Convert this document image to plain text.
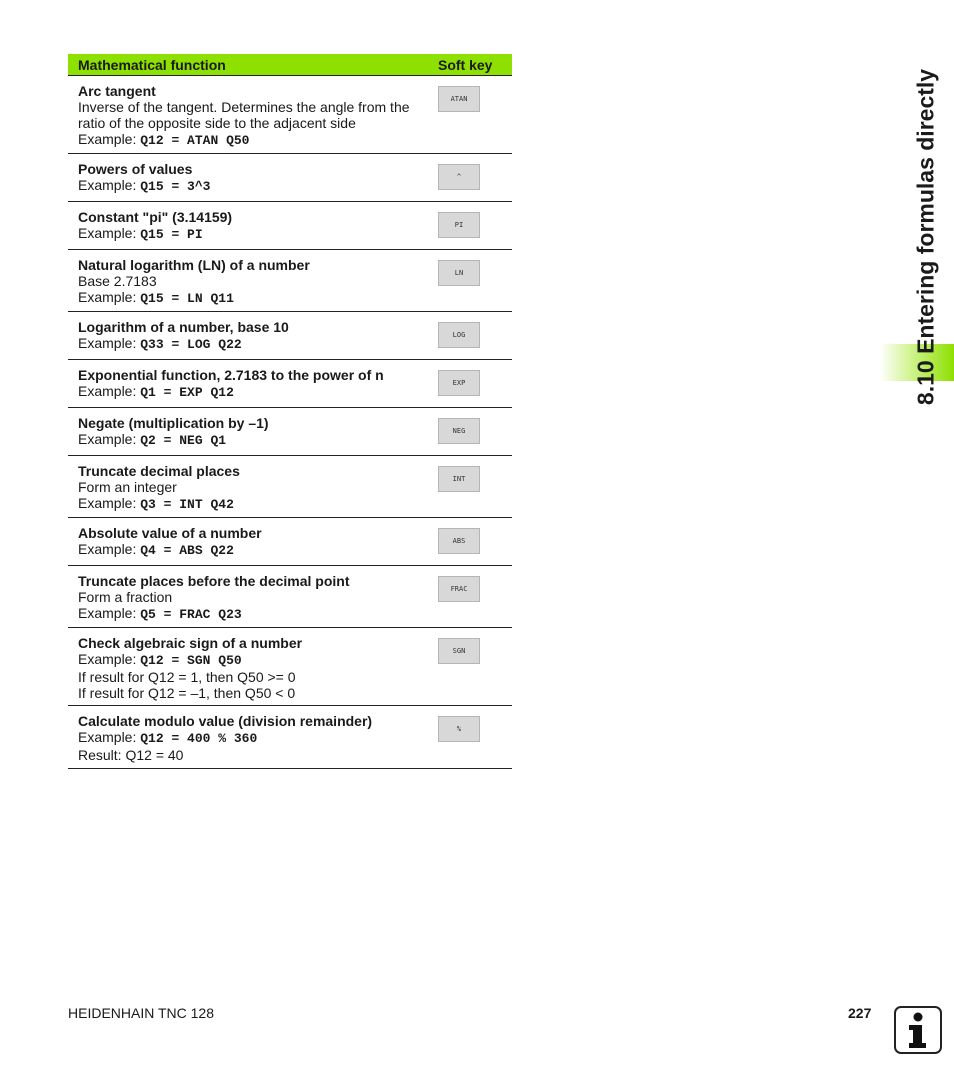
Mathematical function	Soft key
Arc tangent
Inverse of the tangent. Determines the angle from the
ratio of the opposite side to the adjacent side
Example: Q12 = ATAN Q50
ATAN
Powers of values
Example: Q15 = 3^3
^
Constant "pi" (3.14159)
Example: Q15 = PI
PI
Natural logarithm (LN) of a number
Base 2.7183
Example: Q15 = LN Q11
LN
Logarithm of a number, base 10
Example: Q33 = LOG Q22
LOG
Exponential function, 2.7183 to the power of n
Example: Q1 = EXP Q12
EXP
Negate (multiplication by –1)
Example: Q2 = NEG Q1
NEG
Truncate decimal places
Form an integer
Example: Q3 = INT Q42
INT
Absolute value of a number
Example: Q4 = ABS Q22
ABS
Truncate places before the decimal point
Form a fraction
Example: Q5 = FRAC Q23
FRAC
Check algebraic sign of a number
Example: Q12 = SGN Q50
If result for Q12 = 1, then Q50 >= 0
If result for Q12 = –1, then Q50 < 0
SGN
Calculate modulo value (division remainder)
Example: Q12 = 400 % 360
Result: Q12 = 40
%
8.10 Entering formulas directly
HEIDENHAIN TNC 128	227
